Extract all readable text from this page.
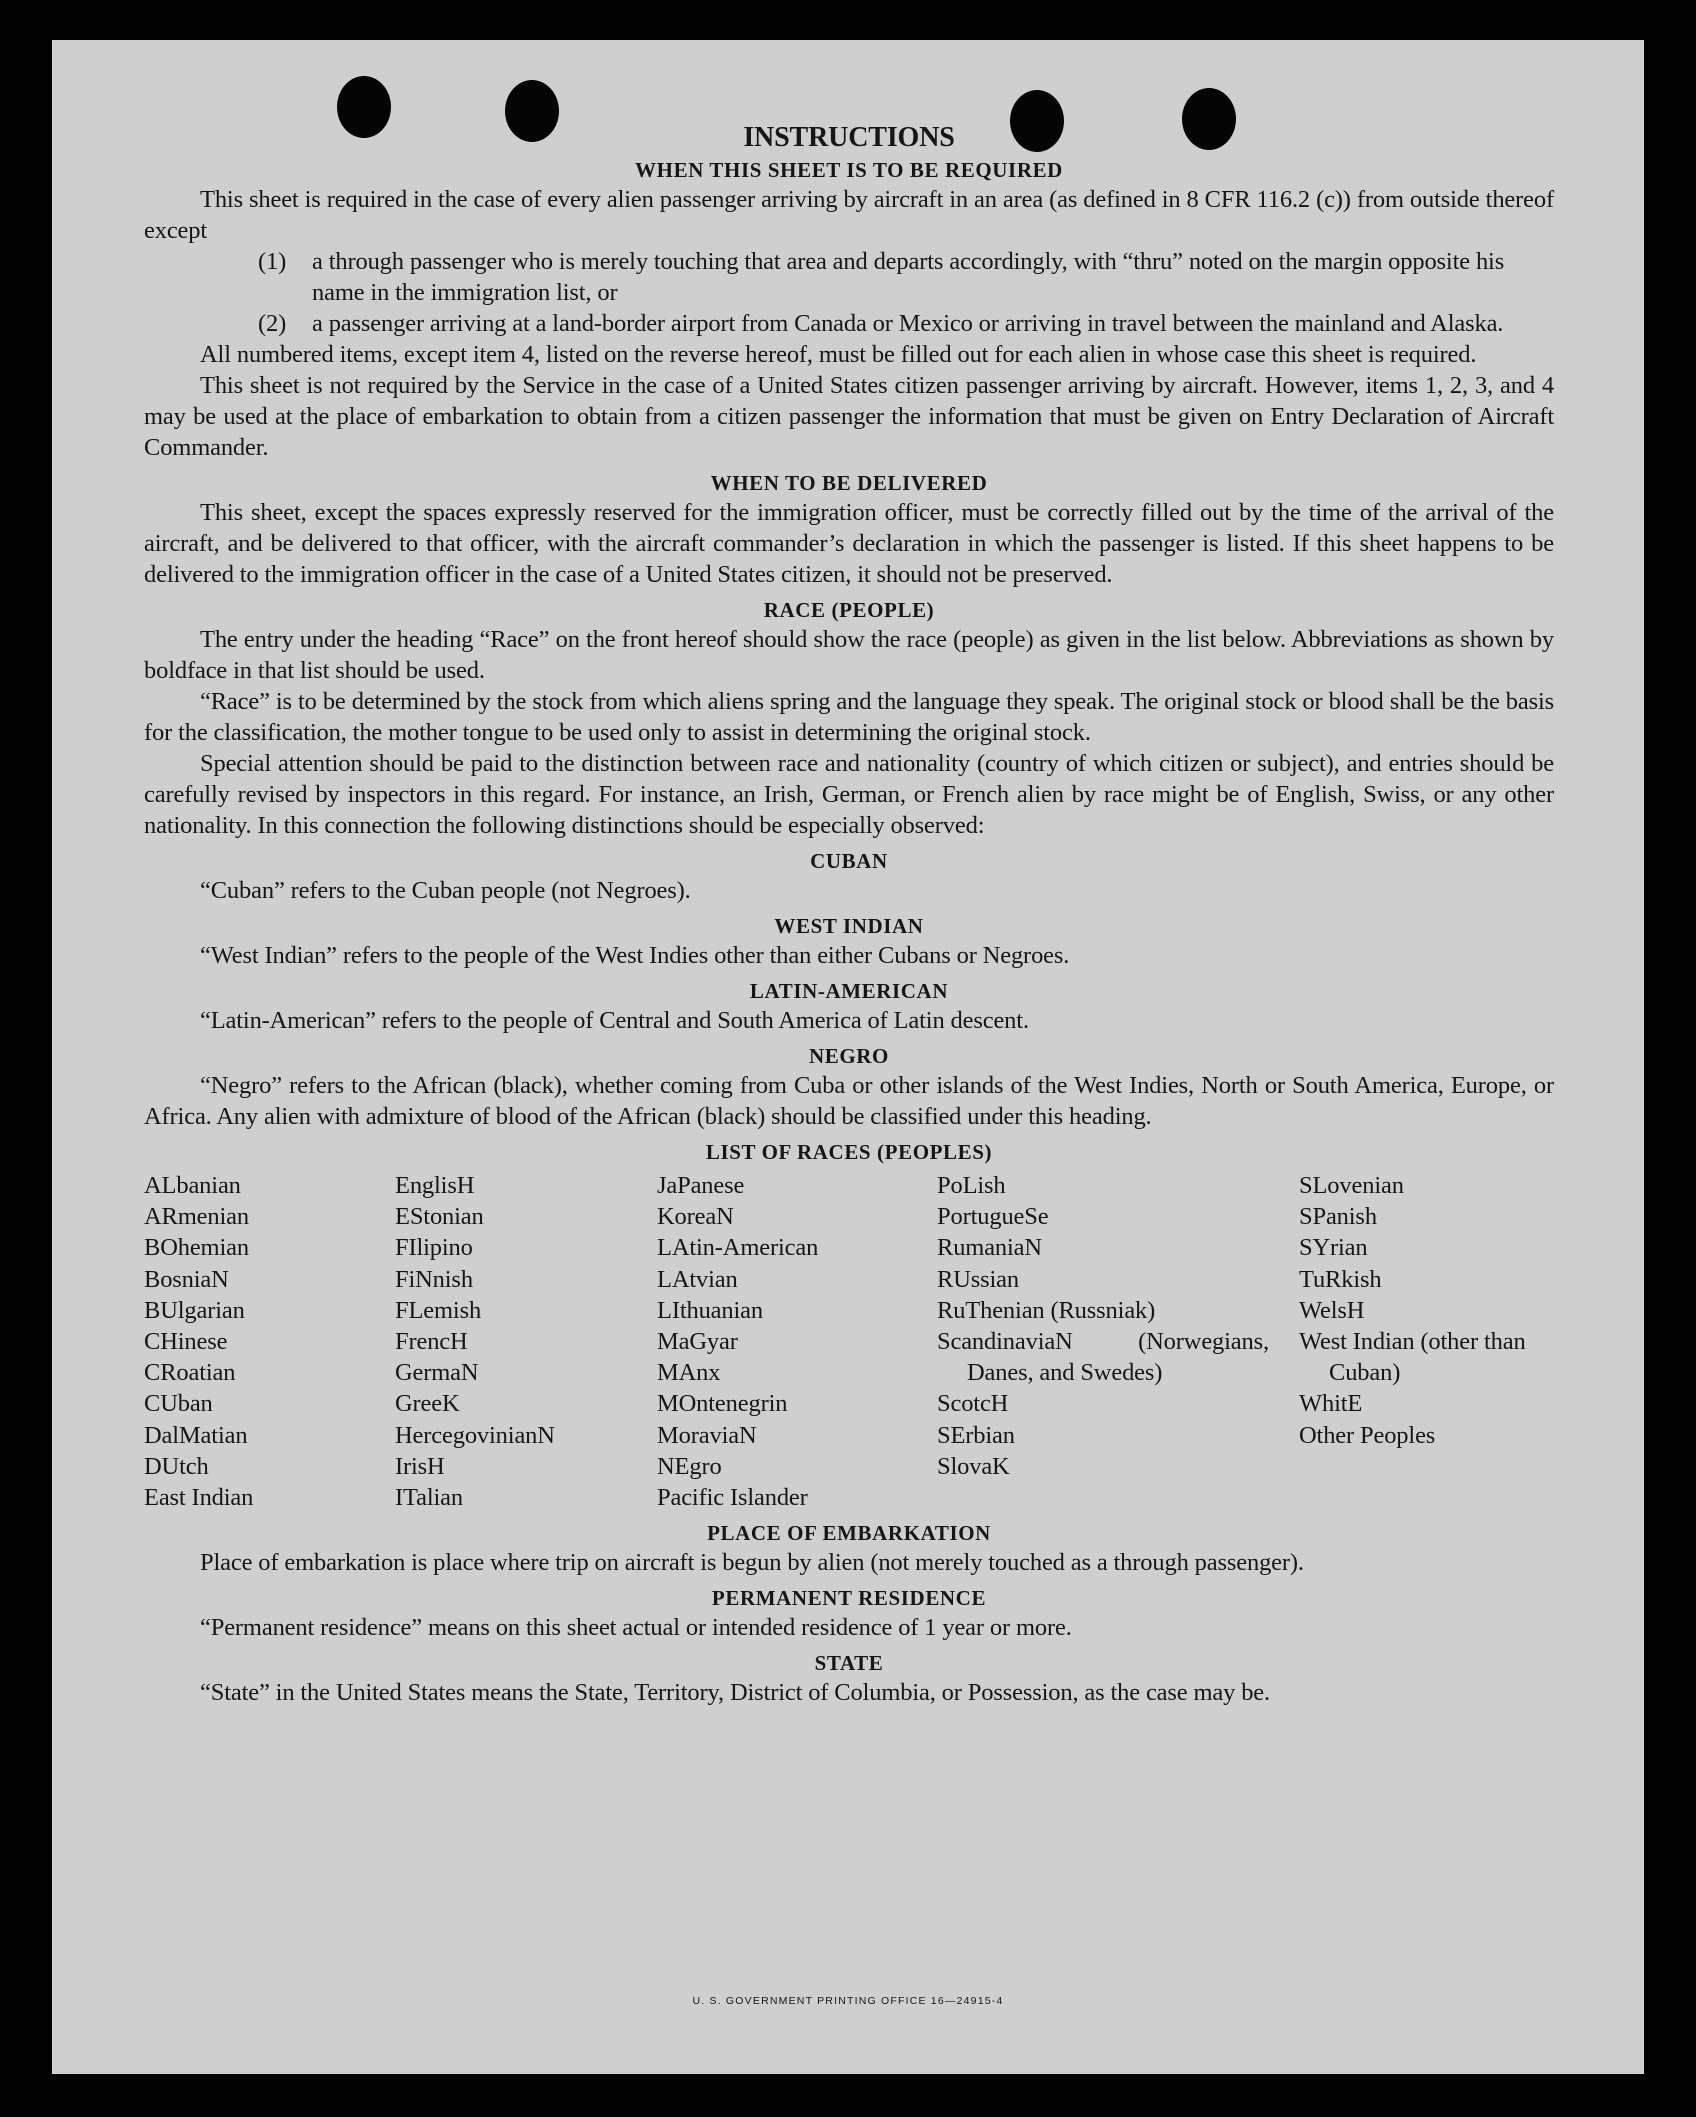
INSTRUCTIONS
WHEN THIS SHEET IS TO BE REQUIRED

This sheet is required in the case of every alien passenger arriving by aircraft in an area (as defined in 8 CFR 116.2 (c)) from outside thereof except

(1)	a through passenger who is merely touching that area and departs accordingly, with “thru” noted on the margin opposite his name in the immigration list, or
(2)	a passenger arriving at a land-border airport from Canada or Mexico or arriving in travel between the mainland and Alaska.

All numbered items, except item 4, listed on the reverse hereof, must be filled out for each alien in whose case this sheet is required.

This sheet is not required by the Service in the case of a United States citizen passenger arriving by aircraft. However, items 1, 2, 3, and 4 may be used at the place of embarkation to obtain from a citizen passenger the information that must be given on Entry Declaration of Aircraft Commander.

WHEN TO BE DELIVERED

This sheet, except the spaces expressly reserved for the immigration officer, must be correctly filled out by the time of the arrival of the aircraft, and be delivered to that officer, with the aircraft commander’s declaration in which the passenger is listed. If this sheet happens to be delivered to the immigration officer in the case of a United States citizen, it should not be preserved.

RACE (PEOPLE)

The entry under the heading “Race” on the front hereof should show the race (people) as given in the list below. Abbreviations as shown by boldface in that list should be used.

“Race” is to be determined by the stock from which aliens spring and the language they speak. The original stock or blood shall be the basis for the classification, the mother tongue to be used only to assist in determining the original stock.

Special attention should be paid to the distinction between race and nationality (country of which citizen or subject), and entries should be carefully revised by inspectors in this regard. For instance, an Irish, German, or French alien by race might be of English, Swiss, or any other nationality. In this connection the following distinctions should be especially observed:

CUBAN

“Cuban” refers to the Cuban people (not Negroes).

WEST INDIAN

“West Indian” refers to the people of the West Indies other than either Cubans or Negroes.

LATIN-AMERICAN

“Latin-American” refers to the people of Central and South America of Latin descent.

NEGRO

“Negro” refers to the African (black), whether coming from Cuba or other islands of the West Indies, North or South America, Europe, or Africa. Any alien with admixture of blood of the African (black) should be classified under this heading.

LIST OF RACES (PEOPLES)
ALbanian
ARmenian
BOhemian
BosniaN
BUlgarian
CHinese
CRoatian
CUban
DalMatian
DUtch
East Indian
EnglisH
EStonian
FIlipino
FiNnish
FLemish
FrencH
GermaN
GreeK
HercegovinianN
IrisH
ITalian
JaPanese
KoreaN
LAtin-American
LAtvian
LIthuanian
MaGyar
MAnx
MOntenegrin
MoraviaN
NEgro
Pacific Islander
PoLish
PortugueSe
RumaniaN
RUssian
RuThenian (Russniak)
ScandinaviaN (Norwegians, Danes, and Swedes)
ScotcH
SErbian
SlovaK
SLovenian
SPanish
SYrian
TuRkish
WelsH
West Indian (other than Cuban)
WhitE
Other Peoples
PLACE OF EMBARKATION

Place of embarkation is place where trip on aircraft is begun by alien (not merely touched as a through passenger).

PERMANENT RESIDENCE

“Permanent residence” means on this sheet actual or intended residence of 1 year or more.

STATE

“State” in the United States means the State, Territory, District of Columbia, or Possession, as the case may be.

U. S. GOVERNMENT PRINTING OFFICE 16—24915-4
